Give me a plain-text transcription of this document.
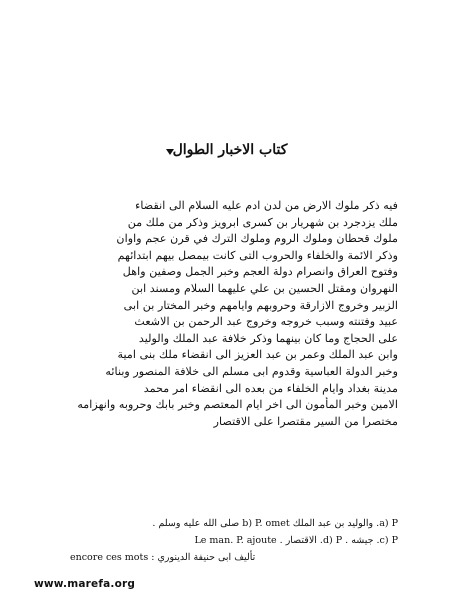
كتاب الاخبار الطوال
فيه ذكر ملوك الارض من لدن ادم عليه السلام الى انقضاء
ملك يزدجرد بن شهريار بن كسرى ابرويز وذكر من ملك من
ملوك قحطان وملوك الروم وملوك الترك في قرن عجم واوان
وذكر الائمة والخلفاء والحروب التى كانت بيمصل بيهم ابتدائهم
وفتوح العراق وانصرام دولة العجم وخبر الجمل وصفين واهل
النهروان ومقتل الحسين بن علي عليهما السلام ومسند ابن
الزبير وخروج الازارقة وحروبهم وايامهم وخبر المختار بن ابى
عبيد وفتنته وسبب خروجه وخروج عبد الرحمن بن الاشعث
على الحجاج وما كان بينهما وذكر خلافة عبد الملك والوليد
وابن عبد الملك وعمر بن عبد العزيز الى انقضاء ملك بنى امية
وخبر الدولة العباسية وقدوم ابى مسلم الى خلافة المنصور وبنائه
مدينة بغداد وايام الخلفاء من بعده الى انقضاء امر محمد
الامين وخبر المأمون الى اخر ايام المعتصم وخبر بابك وحروبه وانهزامه
مختصرا من السير مقتصرا على الاقتصار
a) P. والوليد بن عبد الملك b) P. omet صلى الله عليه وسلم .
c) P. جيشه . d) P. الاقتصار . Le man. P. ajoute
encore ces mots : تأليف ابى حنيفة الدينوري
www.marefa.org
